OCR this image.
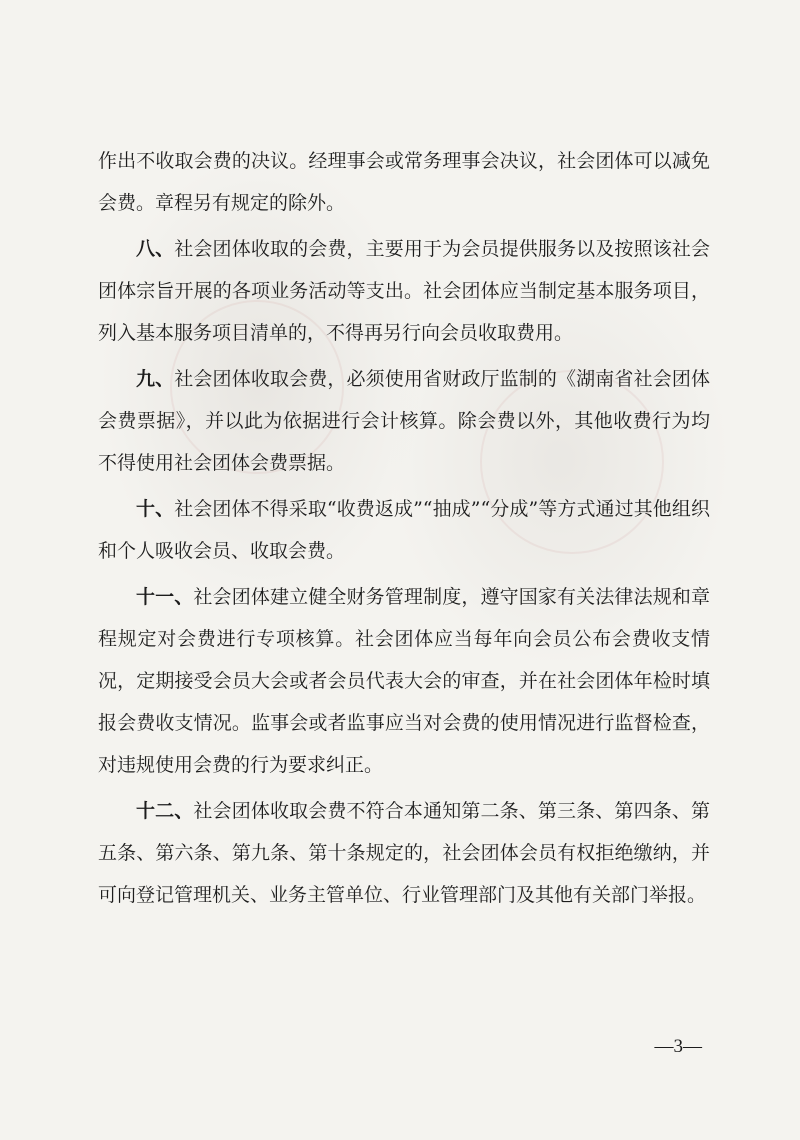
作出不收取会费的决议。经理事会或常务理事会决议，社会团体可以减免会费。章程另有规定的除外。

八、社会团体收取的会费，主要用于为会员提供服务以及按照该社会团体宗旨开展的各项业务活动等支出。社会团体应当制定基本服务项目，列入基本服务项目清单的，不得再另行向会员收取费用。

九、社会团体收取会费，必须使用省财政厅监制的《湖南省社会团体会费票据》，并以此为依据进行会计核算。除会费以外，其他收费行为均不得使用社会团体会费票据。

十、社会团体不得采取“收费返成”“抽成”“分成”等方式通过其他组织和个人吸收会员、收取会费。

十一、社会团体建立健全财务管理制度，遵守国家有关法律法规和章程规定对会费进行专项核算。社会团体应当每年向会员公布会费收支情况，定期接受会员大会或者会员代表大会的审查，并在社会团体年检时填报会费收支情况。监事会或者监事应当对会费的使用情况进行监督检查，对违规使用会费的行为要求纠正。

十二、社会团体收取会费不符合本通知第二条、第三条、第四条、第五条、第六条、第九条、第十条规定的，社会团体会员有权拒绝缴纳，并可向登记管理机关、业务主管单位、行业管理部门及其他有关部门举报。

—3—
